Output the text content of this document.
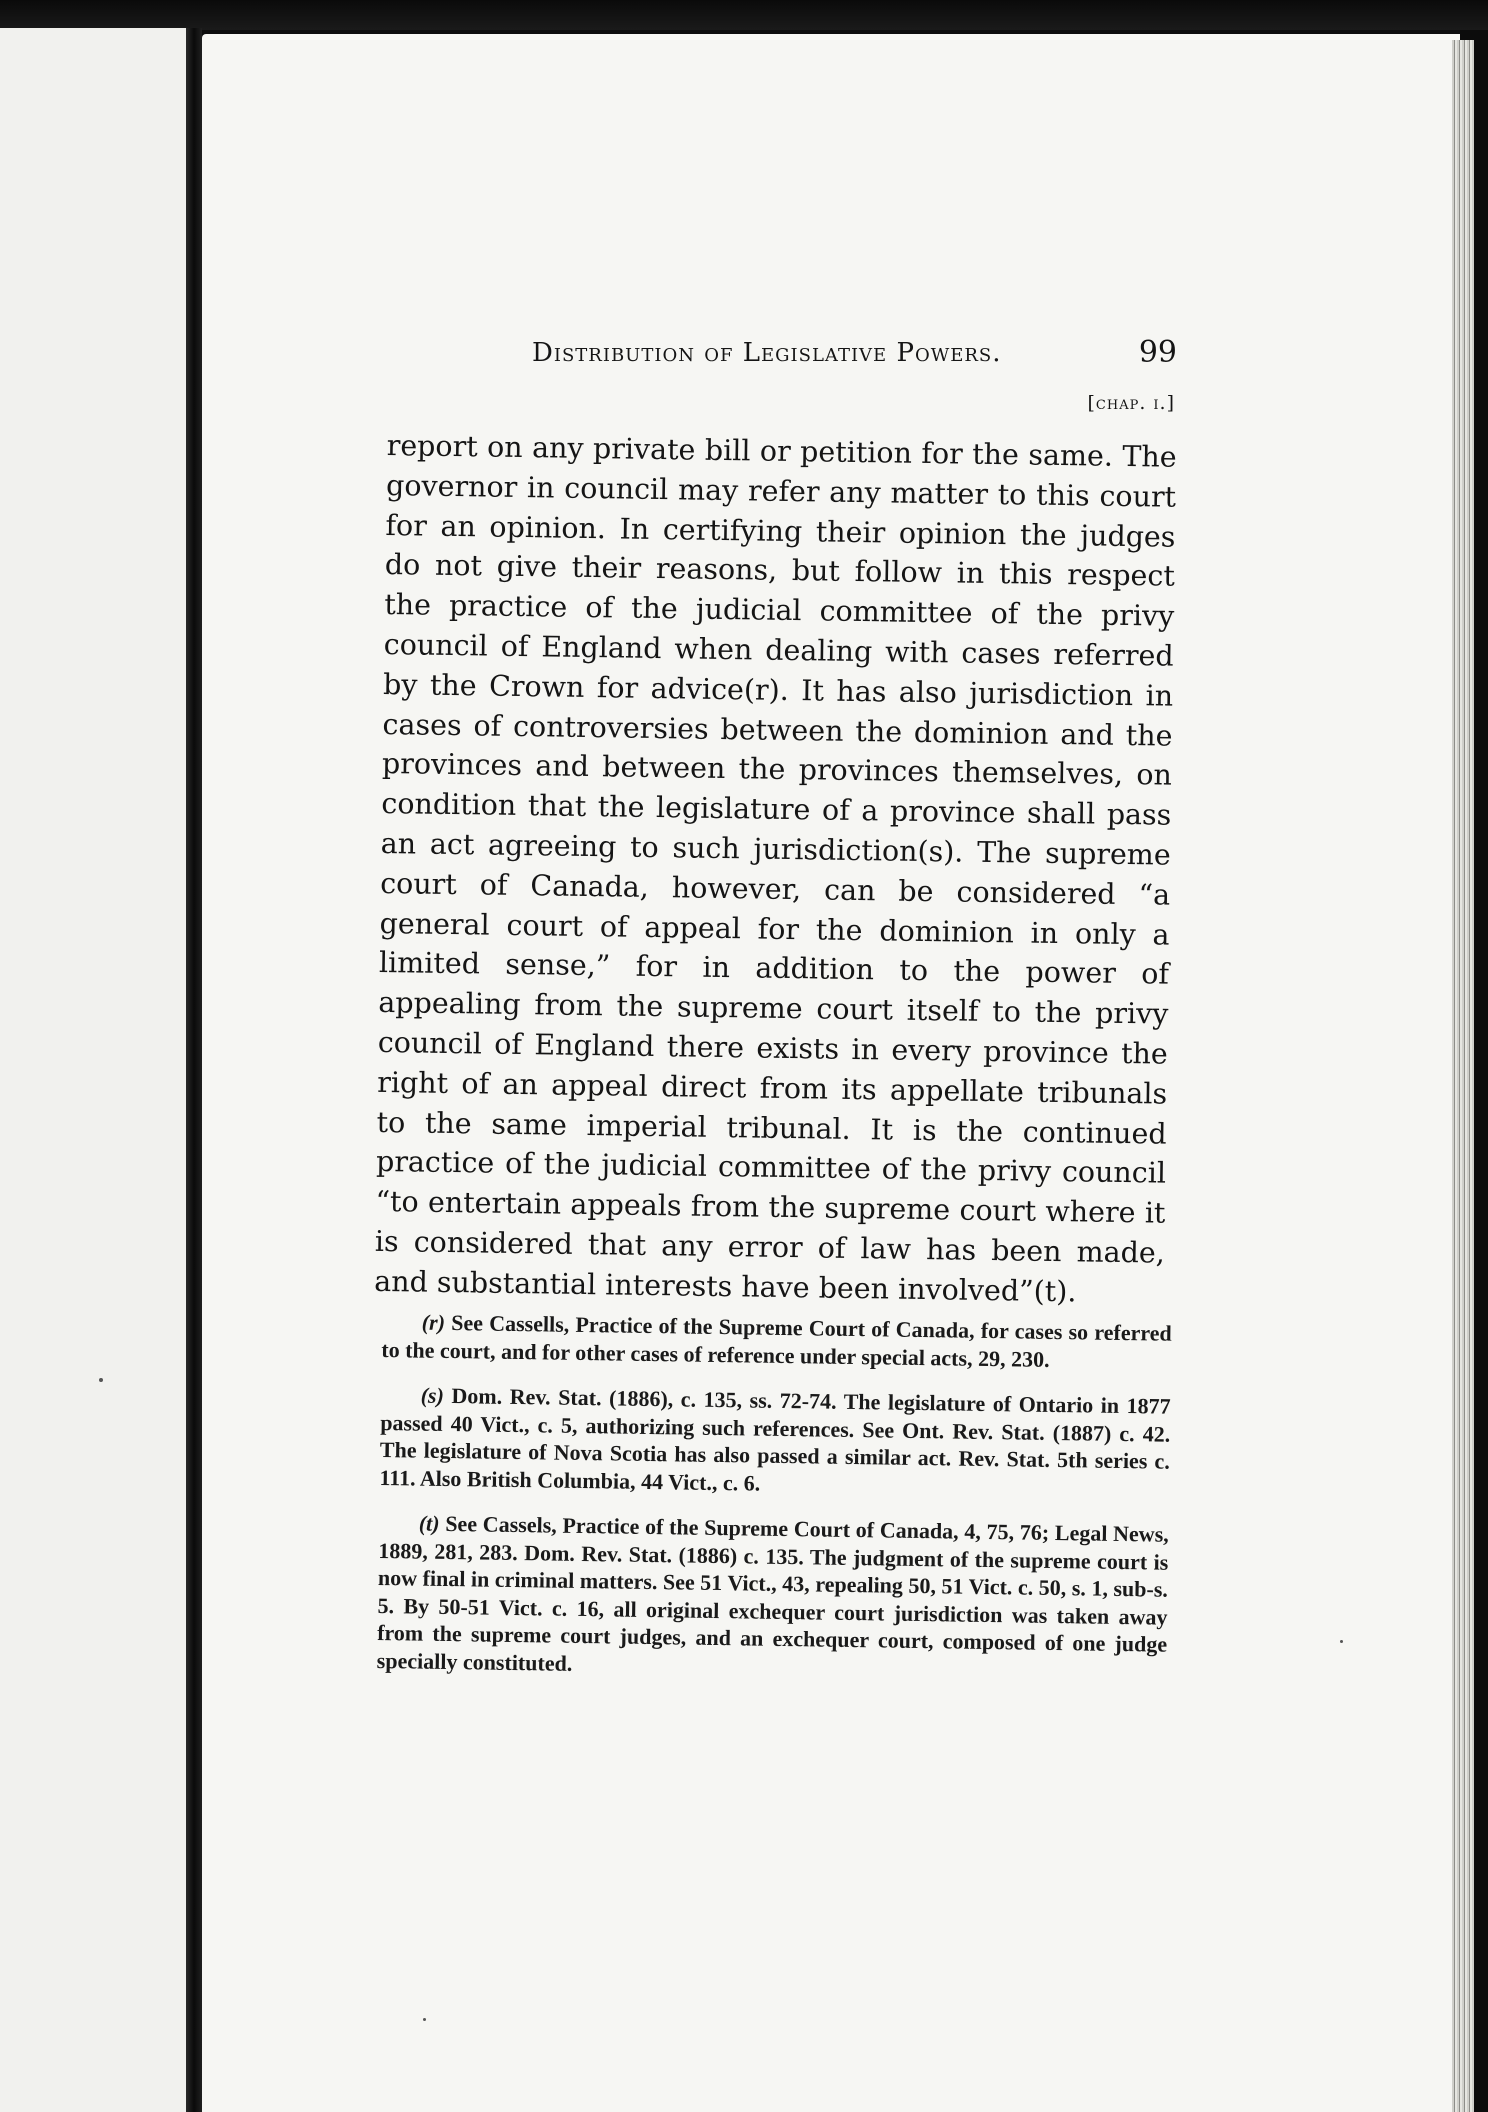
Distribution of Legislative Powers.	99
[chap. i.]

report on any private bill or petition for the same. The governor in council may refer any matter to this court for an opinion. In certifying their opinion the judges do not give their reasons, but follow in this respect the practice of the judicial committee of the privy council of England when dealing with cases referred by the Crown for advice(r). It has also jurisdiction in cases of controversies between the dominion and the provinces and between the provinces themselves, on condition that the legislature of a province shall pass an act agreeing to such jurisdiction(s). The supreme court of Canada, however, can be considered “a general court of appeal for the dominion in only a limited sense,” for in addition to the power of appealing from the supreme court itself to the privy council of England there exists in every province the right of an appeal direct from its appellate tribunals to the same imperial tribunal. It is the continued practice of the judicial committee of the privy council “to entertain appeals from the supreme court where it is considered that any error of law has been made, and substantial interests have been involved”(t).

(r) See Cassells, Practice of the Supreme Court of Canada, for cases so referred to the court, and for other cases of reference under special acts, 29, 230.

(s) Dom. Rev. Stat. (1886), c. 135, ss. 72-74. The legislature of Ontario in 1877 passed 40 Vict., c. 5, authorizing such references. See Ont. Rev. Stat. (1887) c. 42. The legislature of Nova Scotia has also passed a similar act. Rev. Stat. 5th series c. 111. Also British Columbia, 44 Vict., c. 6.

(t) See Cassels, Practice of the Supreme Court of Canada, 4, 75, 76; Legal News, 1889, 281, 283. Dom. Rev. Stat. (1886) c. 135. The judgment of the supreme court is now final in criminal matters. See 51 Vict., 43, repealing 50, 51 Vict. c. 50, s. 1, sub-s. 5. By 50-51 Vict. c. 16, all original exchequer court jurisdiction was taken away from the supreme court judges, and an exchequer court, composed of one judge specially constituted.
